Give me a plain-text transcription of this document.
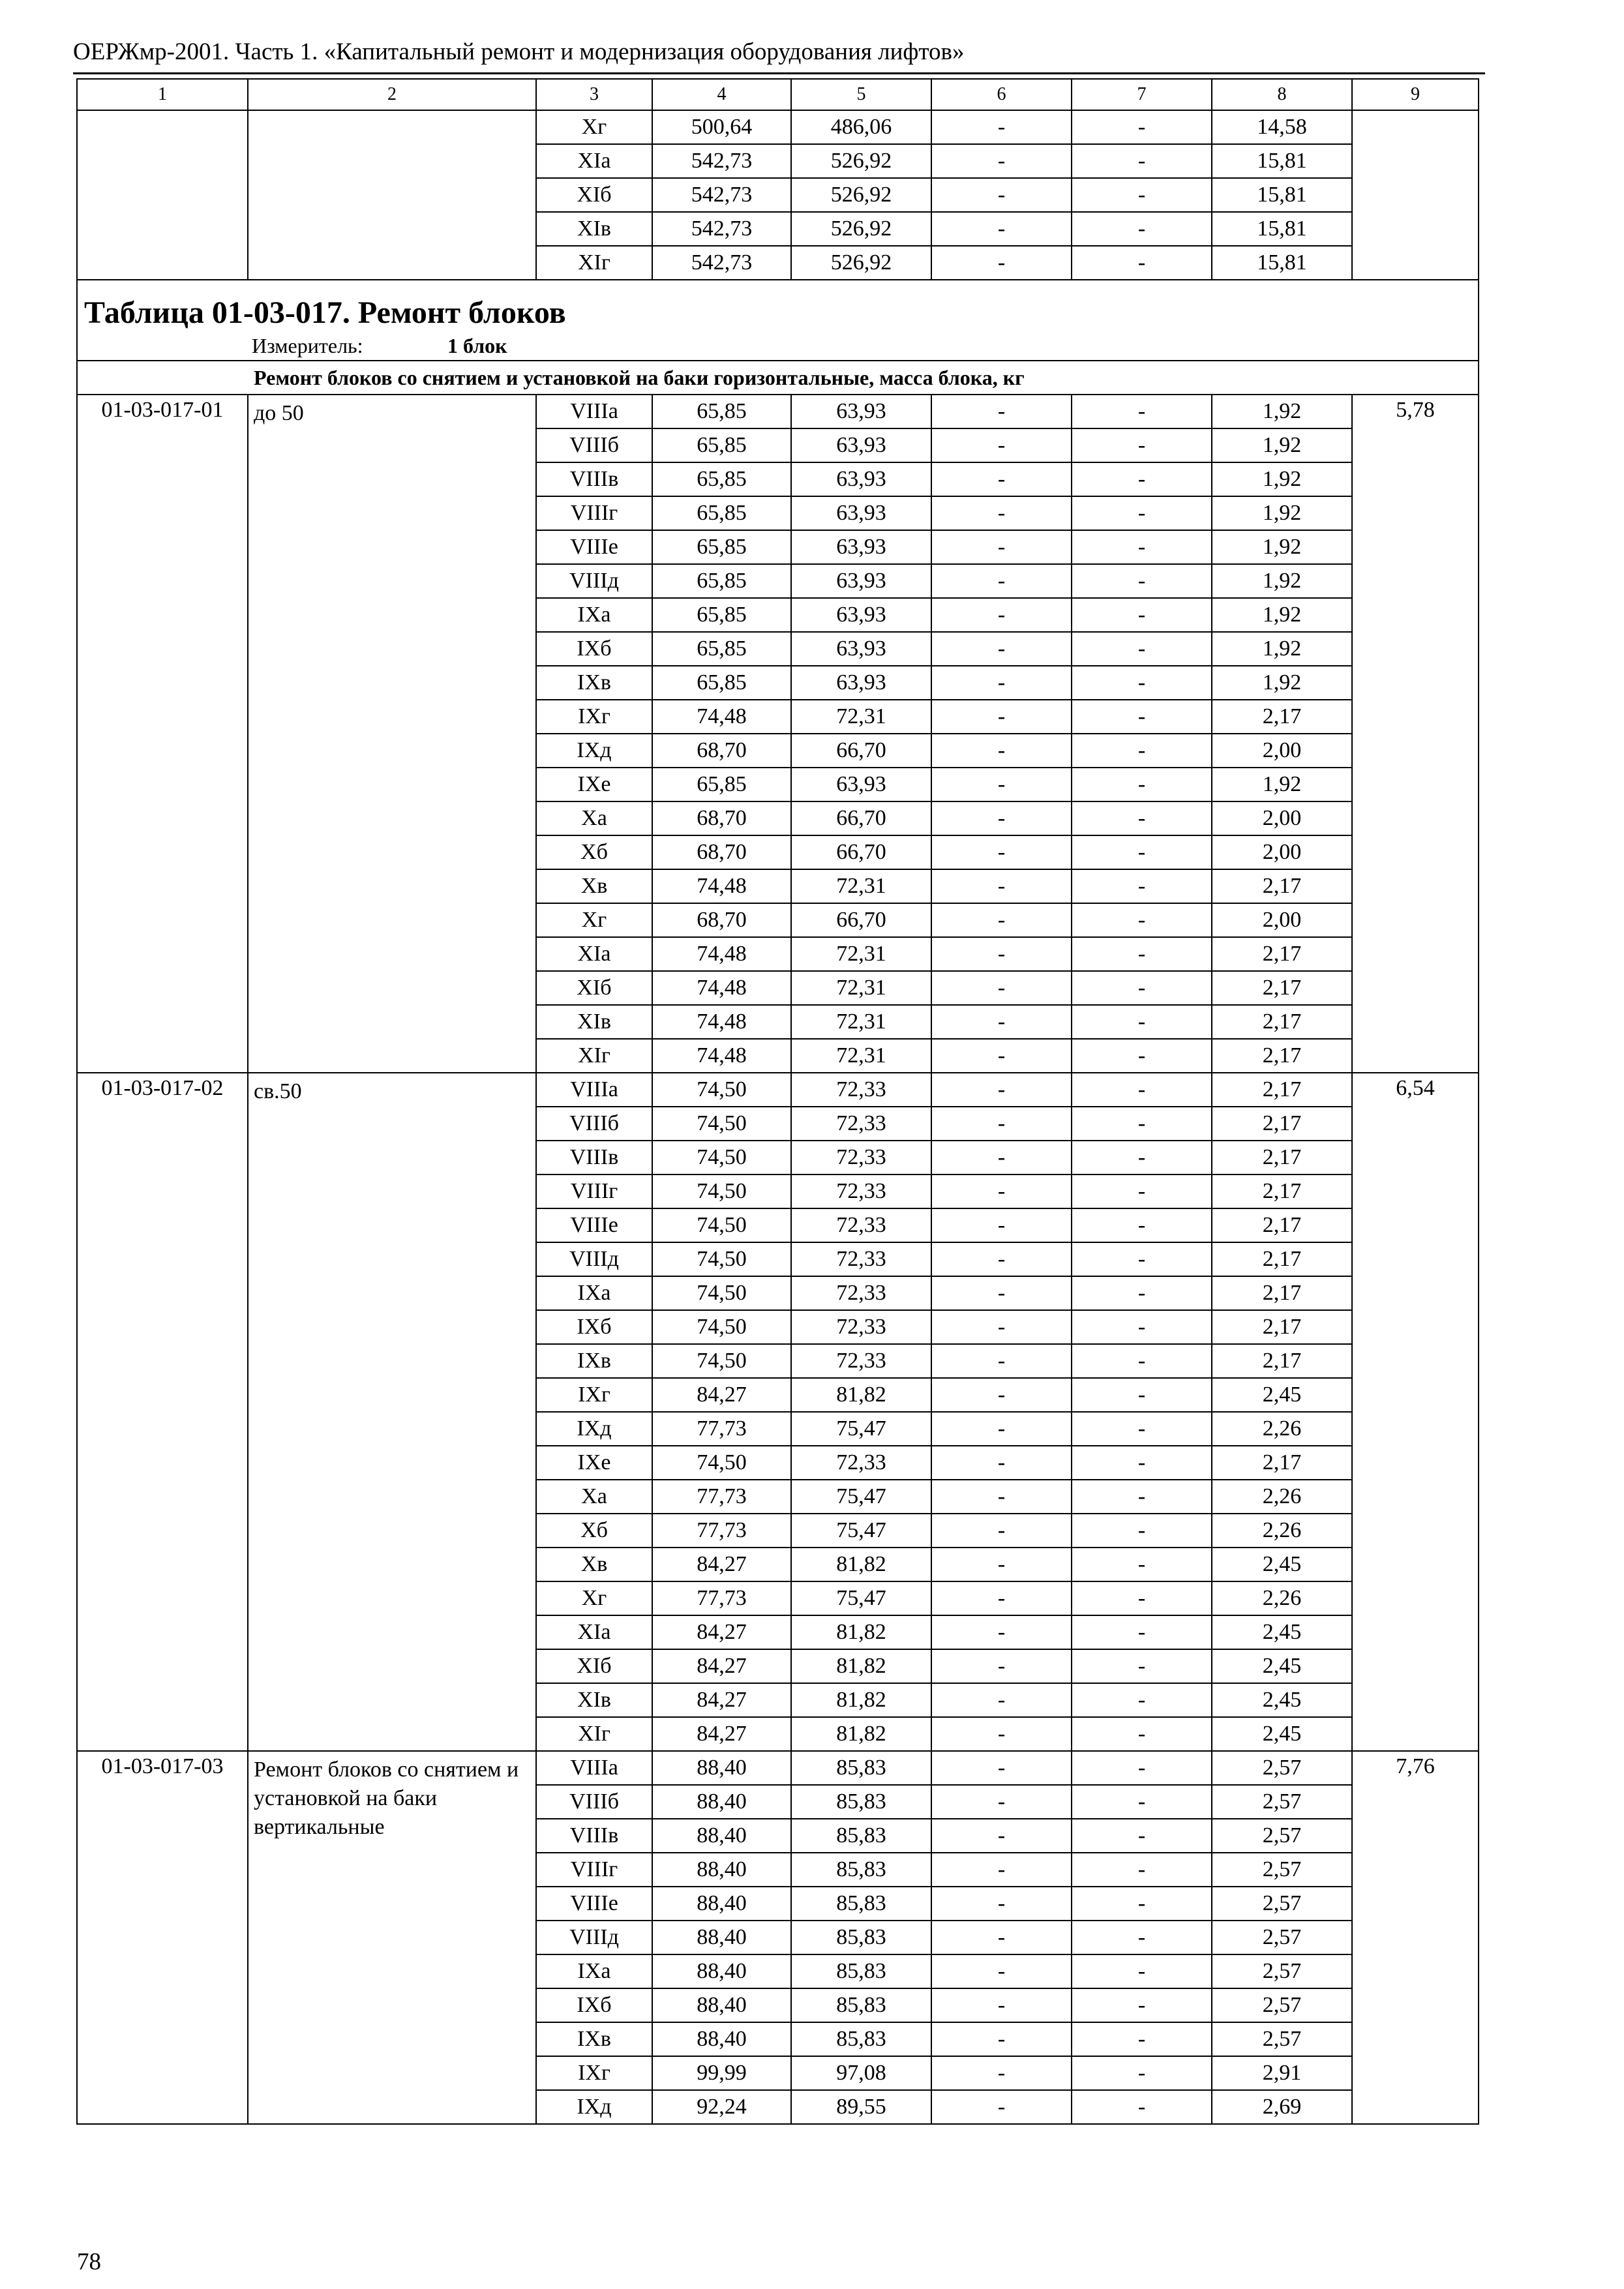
ОЕРЖмр-2001. Часть 1. «Капитальный ремонт и модернизация оборудования лифтов»
1	2	3	4	5	6	7	8	9
		Xг	500,64	486,06	-	-	14,58	
		XIа	542,73	526,92	-	-	15,81	
		XIб	542,73	526,92	-	-	15,81	
		XIв	542,73	526,92	-	-	15,81	
		XIг	542,73	526,92	-	-	15,81	
Таблица 01-03-017. Ремонт блоков								
Измеритель: 1 блок								
Ремонт блоков со снятием и установкой на баки горизонтальные, масса блока, кг								
01-03-017-01	до 50	VIIIа	65,85	63,93	-	-	1,92	5,78
		VIIIб	65,85	63,93	-	-	1,92	
		VIIIв	65,85	63,93	-	-	1,92	
		VIIIг	65,85	63,93	-	-	1,92	
		VIIIе	65,85	63,93	-	-	1,92	
		VIIIд	65,85	63,93	-	-	1,92	
		IXа	65,85	63,93	-	-	1,92	
		IXб	65,85	63,93	-	-	1,92	
		IXв	65,85	63,93	-	-	1,92	
		IXг	74,48	72,31	-	-	2,17	
		IXд	68,70	66,70	-	-	2,00	
		IXе	65,85	63,93	-	-	1,92	
		Xа	68,70	66,70	-	-	2,00	
		Xб	68,70	66,70	-	-	2,00	
		Xв	74,48	72,31	-	-	2,17	
		Xг	68,70	66,70	-	-	2,00	
		XIа	74,48	72,31	-	-	2,17	
		XIб	74,48	72,31	-	-	2,17	
		XIв	74,48	72,31	-	-	2,17	
		XIг	74,48	72,31	-	-	2,17	
01-03-017-02	св.50	VIIIа	74,50	72,33	-	-	2,17	6,54
		VIIIб	74,50	72,33	-	-	2,17	
		VIIIв	74,50	72,33	-	-	2,17	
		VIIIг	74,50	72,33	-	-	2,17	
		VIIIе	74,50	72,33	-	-	2,17	
		VIIIд	74,50	72,33	-	-	2,17	
		IXа	74,50	72,33	-	-	2,17	
		IXб	74,50	72,33	-	-	2,17	
		IXв	74,50	72,33	-	-	2,17	
		IXг	84,27	81,82	-	-	2,45	
		IXд	77,73	75,47	-	-	2,26	
		IXе	74,50	72,33	-	-	2,17	
		Xа	77,73	75,47	-	-	2,26	
		Xб	77,73	75,47	-	-	2,26	
		Xв	84,27	81,82	-	-	2,45	
		Xг	77,73	75,47	-	-	2,26	
		XIа	84,27	81,82	-	-	2,45	
		XIб	84,27	81,82	-	-	2,45	
		XIв	84,27	81,82	-	-	2,45	
		XIг	84,27	81,82	-	-	2,45	
01-03-017-03	Ремонт блоков со снятием и установкой на баки вертикальные	VIIIа	88,40	85,83	-	-	2,57	7,76
		VIIIб	88,40	85,83	-	-	2,57	
		VIIIв	88,40	85,83	-	-	2,57	
		VIIIг	88,40	85,83	-	-	2,57	
		VIIIе	88,40	85,83	-	-	2,57	
		VIIIд	88,40	85,83	-	-	2,57	
		IXа	88,40	85,83	-	-	2,57	
		IXб	88,40	85,83	-	-	2,57	
		IXв	88,40	85,83	-	-	2,57	
		IXг	99,99	97,08	-	-	2,91	
		IXд	92,24	89,55	-	-	2,69	
78
